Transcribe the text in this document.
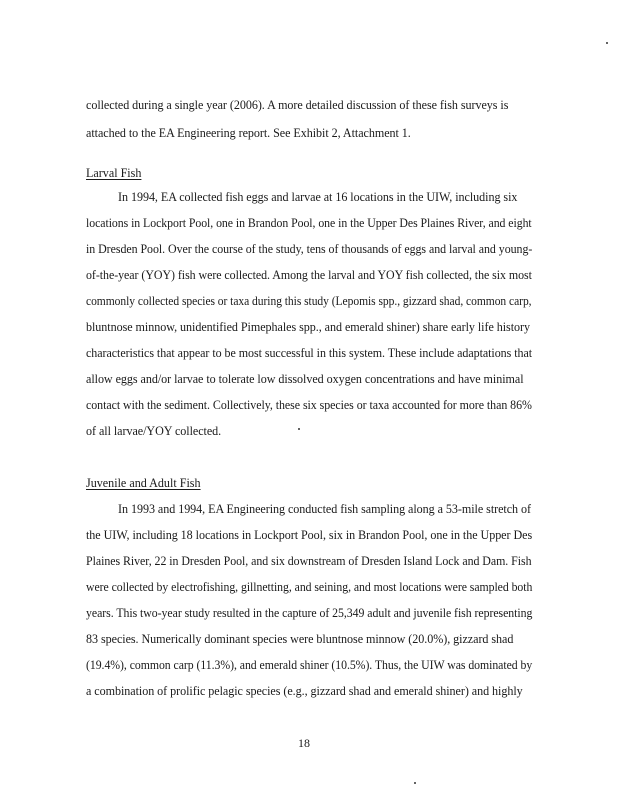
collected during a single year (2006). A more detailed discussion of these fish surveys is
attached to the EA Engineering report. See Exhibit 2, Attachment 1.
Larval Fish
In 1994, EA collected fish eggs and larvae at 16 locations in the UIW, including six
locations in Lockport Pool, one in Brandon Pool, one in the Upper Des Plaines River, and eight
in Dresden Pool. Over the course of the study, tens of thousands of eggs and larval and young-
of-the-year (YOY) fish were collected. Among the larval and YOY fish collected, the six most
commonly collected species or taxa during this study (Lepomis spp., gizzard shad, common carp,
bluntnose minnow, unidentified Pimephales spp., and emerald shiner) share early life history
characteristics that appear to be most successful in this system. These include adaptations that
allow eggs and/or larvae to tolerate low dissolved oxygen concentrations and have minimal
contact with the sediment. Collectively, these six species or taxa accounted for more than 86%
of all larvae/YOY collected.
Juvenile and Adult Fish
In 1993 and 1994, EA Engineering conducted fish sampling along a 53-mile stretch of
the UIW, including 18 locations in Lockport Pool, six in Brandon Pool, one in the Upper Des
Plaines River, 22 in Dresden Pool, and six downstream of Dresden Island Lock and Dam. Fish
were collected by electrofishing, gillnetting, and seining, and most locations were sampled both
years. This two-year study resulted in the capture of 25,349 adult and juvenile fish representing
83 species. Numerically dominant species were bluntnose minnow (20.0%), gizzard shad
(19.4%), common carp (11.3%), and emerald shiner (10.5%). Thus, the UIW was dominated by
a combination of prolific pelagic species (e.g., gizzard shad and emerald shiner) and highly
18
